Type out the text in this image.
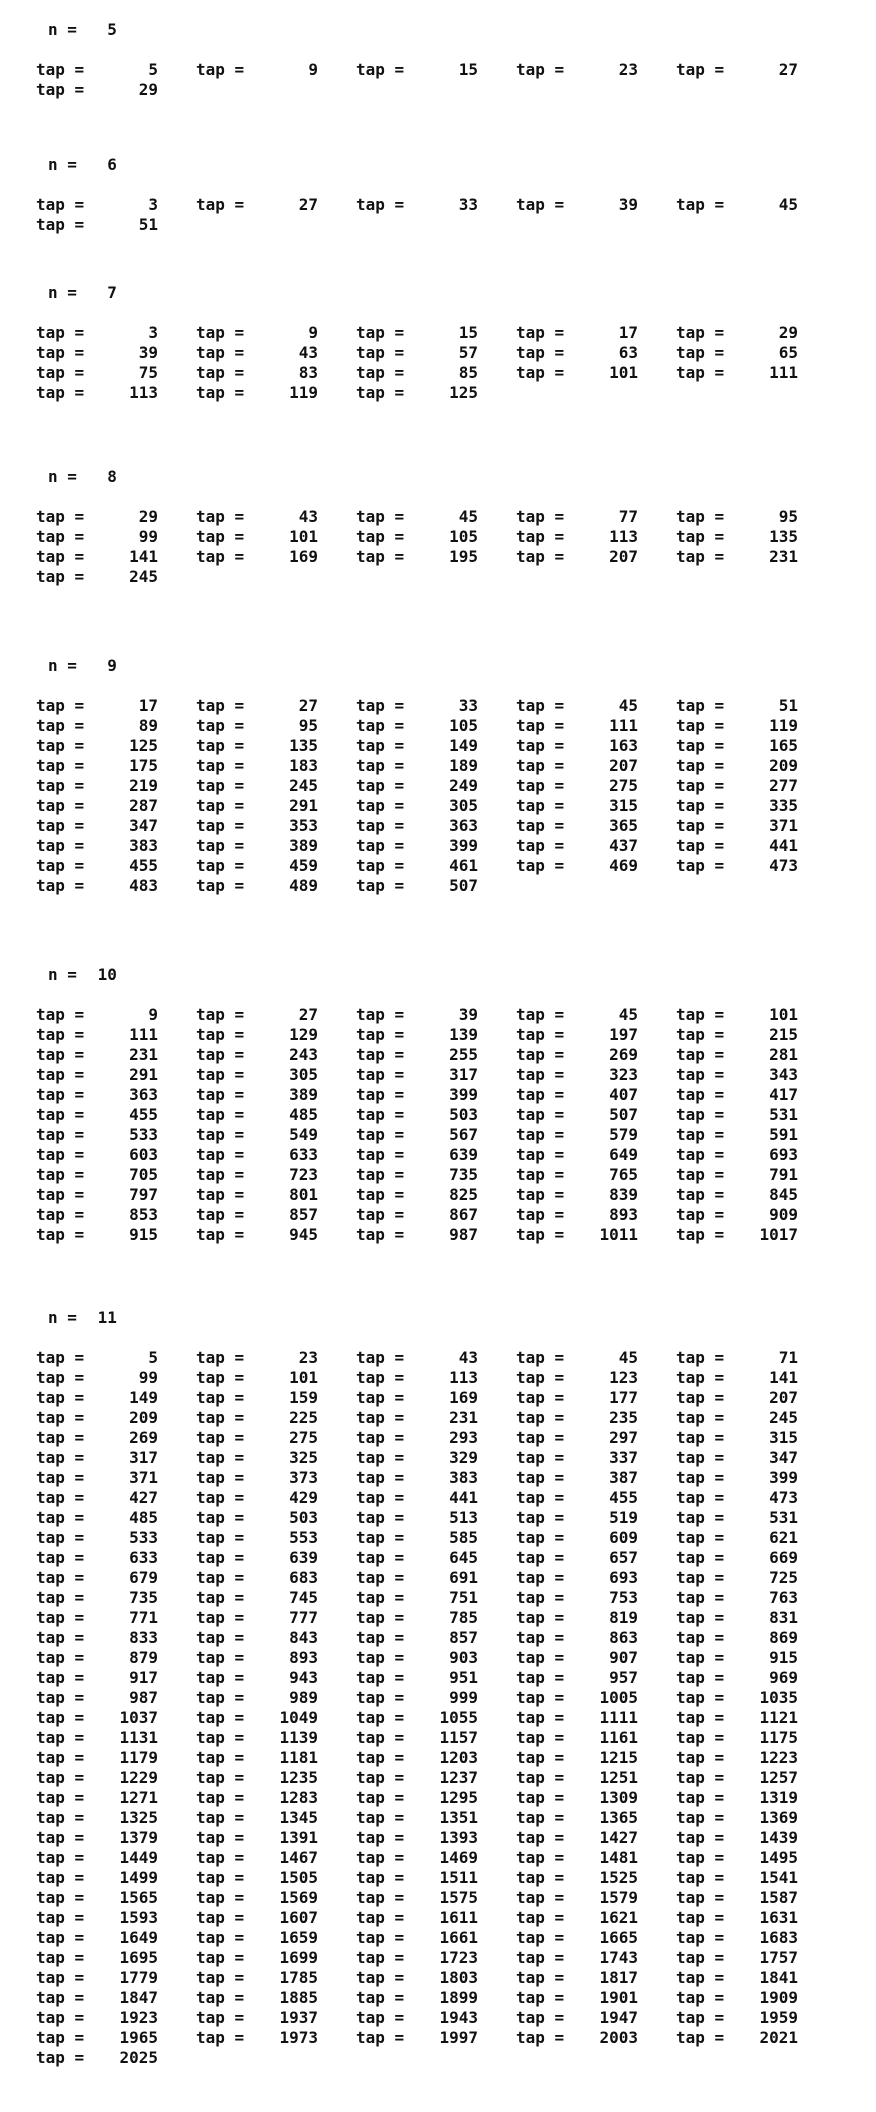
n = 5
tap =	5 tap =	9 tap =	15 tap =	23 tap =	27
tap =	29
n = 6
tap =	3 tap =	27 tap =	33 tap =	39 tap =	45
tap =	51
n = 7
tap =	3 tap =	9 tap =	15 tap =	17 tap =	29
tap =	39 tap =	43 tap =	57 tap =	63 tap =	65
tap =	75 tap =	83 tap =	85 tap =	101 tap =	111
tap =	113 tap =	119 tap =	125
n = 8
tap =	29 tap =	43 tap =	45 tap =	77 tap =	95
tap =	99 tap =	101 tap =	105 tap =	113 tap =	135
tap =	141 tap =	169 tap =	195 tap =	207 tap =	231
tap =	245
n = 9
tap =	17 tap =	27 tap =	33 tap =	45 tap =	51
tap =	89 tap =	95 tap =	105 tap =	111 tap =	119
tap =	125 tap =	135 tap =	149 tap =	163 tap =	165
tap =	175 tap =	183 tap =	189 tap =	207 tap =	209
tap =	219 tap =	245 tap =	249 tap =	275 tap =	277
tap =	287 tap =	291 tap =	305 tap =	315 tap =	335
tap =	347 tap =	353 tap =	363 tap =	365 tap =	371
tap =	383 tap =	389 tap =	399 tap =	437 tap =	441
tap =	455 tap =	459 tap =	461 tap =	469 tap =	473
tap =	483 tap =	489 tap =	507
n = 10
tap =	9 tap =	27 tap =	39 tap =	45 tap =	101
tap =	111 tap =	129 tap =	139 tap =	197 tap =	215
tap =	231 tap =	243 tap =	255 tap =	269 tap =	281
tap =	291 tap =	305 tap =	317 tap =	323 tap =	343
tap =	363 tap =	389 tap =	399 tap =	407 tap =	417
tap =	455 tap =	485 tap =	503 tap =	507 tap =	531
tap =	533 tap =	549 tap =	567 tap =	579 tap =	591
tap =	603 tap =	633 tap =	639 tap =	649 tap =	693
tap =	705 tap =	723 tap =	735 tap =	765 tap =	791
tap =	797 tap =	801 tap =	825 tap =	839 tap =	845
tap =	853 tap =	857 tap =	867 tap =	893 tap =	909
tap =	915 tap =	945 tap =	987 tap = 1011 tap = 1017
n = 11
tap =	5 tap =	23 tap =	43 tap =	45 tap =	71
tap =	99 tap =	101 tap =	113 tap =	123 tap =	141
tap =	149 tap =	159 tap =	169 tap =	177 tap =	207
tap =	209 tap =	225 tap =	231 tap =	235 tap =	245
tap =	269 tap =	275 tap =	293 tap =	297 tap =	315
tap =	317 tap =	325 tap =	329 tap =	337 tap =	347
tap =	371 tap =	373 tap =	383 tap =	387 tap =	399
tap =	427 tap =	429 tap =	441 tap =	455 tap =	473
tap =	485 tap =	503 tap =	513 tap =	519 tap =	531
tap =	533 tap =	553 tap =	585 tap =	609 tap =	621
tap =	633 tap =	639 tap =	645 tap =	657 tap =	669
tap =	679 tap =	683 tap =	691 tap =	693 tap =	725
tap =	735 tap =	745 tap =	751 tap =	753 tap =	763
tap =	771 tap =	777 tap =	785 tap =	819 tap =	831
tap =	833 tap =	843 tap =	857 tap =	863 tap =	869
tap =	879 tap =	893 tap =	903 tap =	907 tap =	915
tap =	917 tap =	943 tap =	951 tap =	957 tap =	969
tap =	987 tap =	989 tap =	999 tap = 1005 tap = 1035
tap = 1037 tap = 1049 tap = 1055 tap = 1111 tap = 1121
tap = 1131 tap = 1139 tap = 1157 tap = 1161 tap = 1175
tap = 1179 tap = 1181 tap = 1203 tap = 1215 tap = 1223
tap = 1229 tap = 1235 tap = 1237 tap = 1251 tap = 1257
tap = 1271 tap = 1283 tap = 1295 tap = 1309 tap = 1319
tap = 1325 tap = 1345 tap = 1351 tap = 1365 tap = 1369
tap = 1379 tap = 1391 tap = 1393 tap = 1427 tap = 1439
tap = 1449 tap = 1467 tap = 1469 tap = 1481 tap = 1495
tap = 1499 tap = 1505 tap = 1511 tap = 1525 tap = 1541
tap = 1565 tap = 1569 tap = 1575 tap = 1579 tap = 1587
tap = 1593 tap = 1607 tap = 1611 tap = 1621 tap = 1631
tap = 1649 tap = 1659 tap = 1661 tap = 1665 tap = 1683
tap = 1695 tap = 1699 tap = 1723 tap = 1743 tap = 1757
tap = 1779 tap = 1785 tap = 1803 tap = 1817 tap = 1841
tap = 1847 tap = 1885 tap = 1899 tap = 1901 tap = 1909
tap = 1923 tap = 1937 tap = 1943 tap = 1947 tap = 1959
tap = 1965 tap = 1973 tap = 1997 tap = 2003 tap = 2021
tap = 2025
